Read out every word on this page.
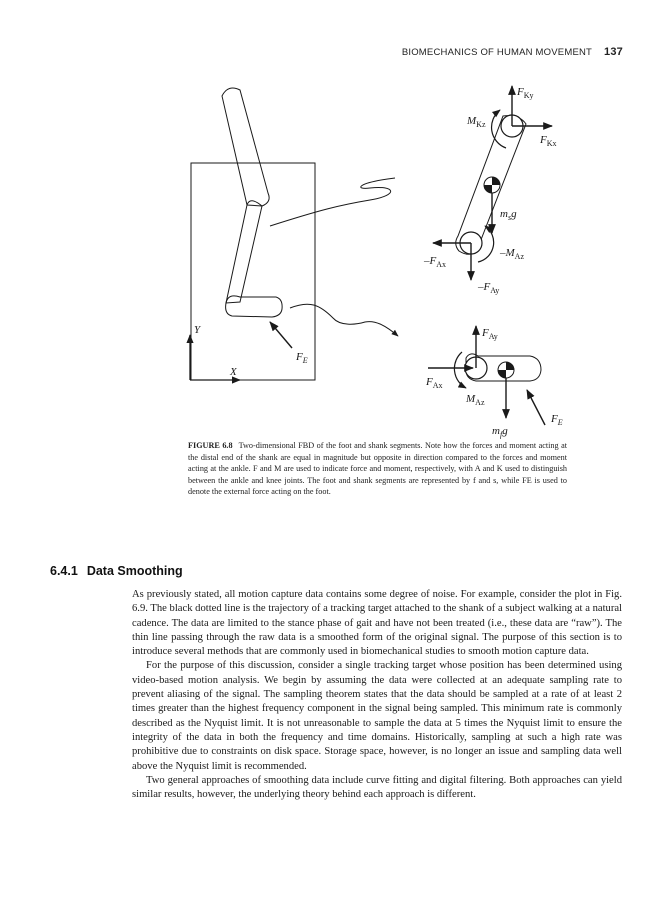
BIOMECHANICS OF HUMAN MOVEMENT 137
$F_{Ky}$
$M_{Kz}$
$F_{Kx}$
$m_sg$
$-F_{Ax}$
$-M_{Az}$
$-F_{Ay}$
$F_{Ay}$
$F_{Ax}$
$M_{Az}$
$m_fg$
$F_E$
$F_E$
Y
X
FIGURE 6.8 Two-dimensional FBD of the foot and shank segments. Note how the forces and moment acting at the distal end of the shank are equal in magnitude but opposite in direction compared to the forces and moment acting at the ankle. F and M are used to indicate force and moment, respectively, with A and K used to distinguish between the ankle and knee joints. The foot and shank segments are represented by f and s, while FE is used to denote the external force acting on the foot.
6.4.1 Data Smoothing

As previously stated, all motion capture data contains some degree of noise. For example, consider the plot in Fig. 6.9. The black dotted line is the trajectory of a tracking target attached to the shank of a subject walking at a natural cadence. The data are limited to the stance phase of gait and have not been treated (i.e., these data are “raw”). The thin line passing through the raw data is a smoothed form of the original signal. The purpose of this section is to introduce several methods that are commonly used in biomechanical studies to smooth motion capture data.

For the purpose of this discussion, consider a single tracking target whose position has been determined using video-based motion analysis. We begin by assuming the data were collected at an adequate sampling rate to prevent aliasing of the signal. The sampling theorem states that the data should be sampled at a rate of at least 2 times greater than the highest frequency component in the signal being sampled. This minimum rate is commonly described as the Nyquist limit. It is not unreasonable to sample the data at 5 times the Nyquist limit to ensure the integrity of the data in both the frequency and time domains. Historically, sampling at such a high rate was prohibitive due to constraints on disk space. Storage space, however, is no longer an issue and sampling data well above the Nyquist limit is recommended.

Two general approaches of smoothing data include curve fitting and digital filtering. Both approaches can yield similar results, however, the underlying theory behind each approach is different.
